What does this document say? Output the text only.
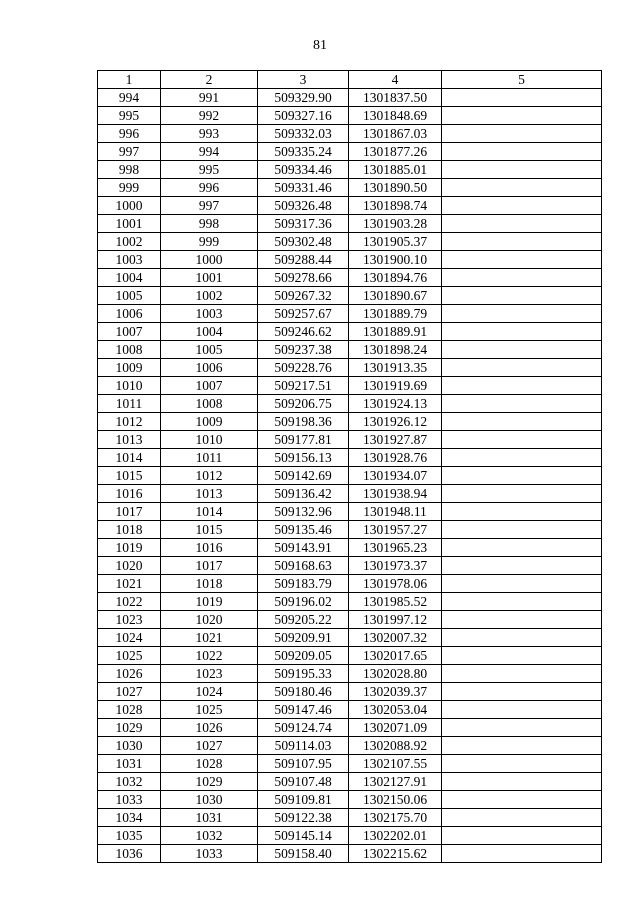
81
1	2	3	4	5
994	991	509329.90	1301837.50	
995	992	509327.16	1301848.69	
996	993	509332.03	1301867.03	
997	994	509335.24	1301877.26	
998	995	509334.46	1301885.01	
999	996	509331.46	1301890.50	
1000	997	509326.48	1301898.74	
1001	998	509317.36	1301903.28	
1002	999	509302.48	1301905.37	
1003	1000	509288.44	1301900.10	
1004	1001	509278.66	1301894.76	
1005	1002	509267.32	1301890.67	
1006	1003	509257.67	1301889.79	
1007	1004	509246.62	1301889.91	
1008	1005	509237.38	1301898.24	
1009	1006	509228.76	1301913.35	
1010	1007	509217.51	1301919.69	
1011	1008	509206.75	1301924.13	
1012	1009	509198.36	1301926.12	
1013	1010	509177.81	1301927.87	
1014	1011	509156.13	1301928.76	
1015	1012	509142.69	1301934.07	
1016	1013	509136.42	1301938.94	
1017	1014	509132.96	1301948.11	
1018	1015	509135.46	1301957.27	
1019	1016	509143.91	1301965.23	
1020	1017	509168.63	1301973.37	
1021	1018	509183.79	1301978.06	
1022	1019	509196.02	1301985.52	
1023	1020	509205.22	1301997.12	
1024	1021	509209.91	1302007.32	
1025	1022	509209.05	1302017.65	
1026	1023	509195.33	1302028.80	
1027	1024	509180.46	1302039.37	
1028	1025	509147.46	1302053.04	
1029	1026	509124.74	1302071.09	
1030	1027	509114.03	1302088.92	
1031	1028	509107.95	1302107.55	
1032	1029	509107.48	1302127.91	
1033	1030	509109.81	1302150.06	
1034	1031	509122.38	1302175.70	
1035	1032	509145.14	1302202.01	
1036	1033	509158.40	1302215.62	
